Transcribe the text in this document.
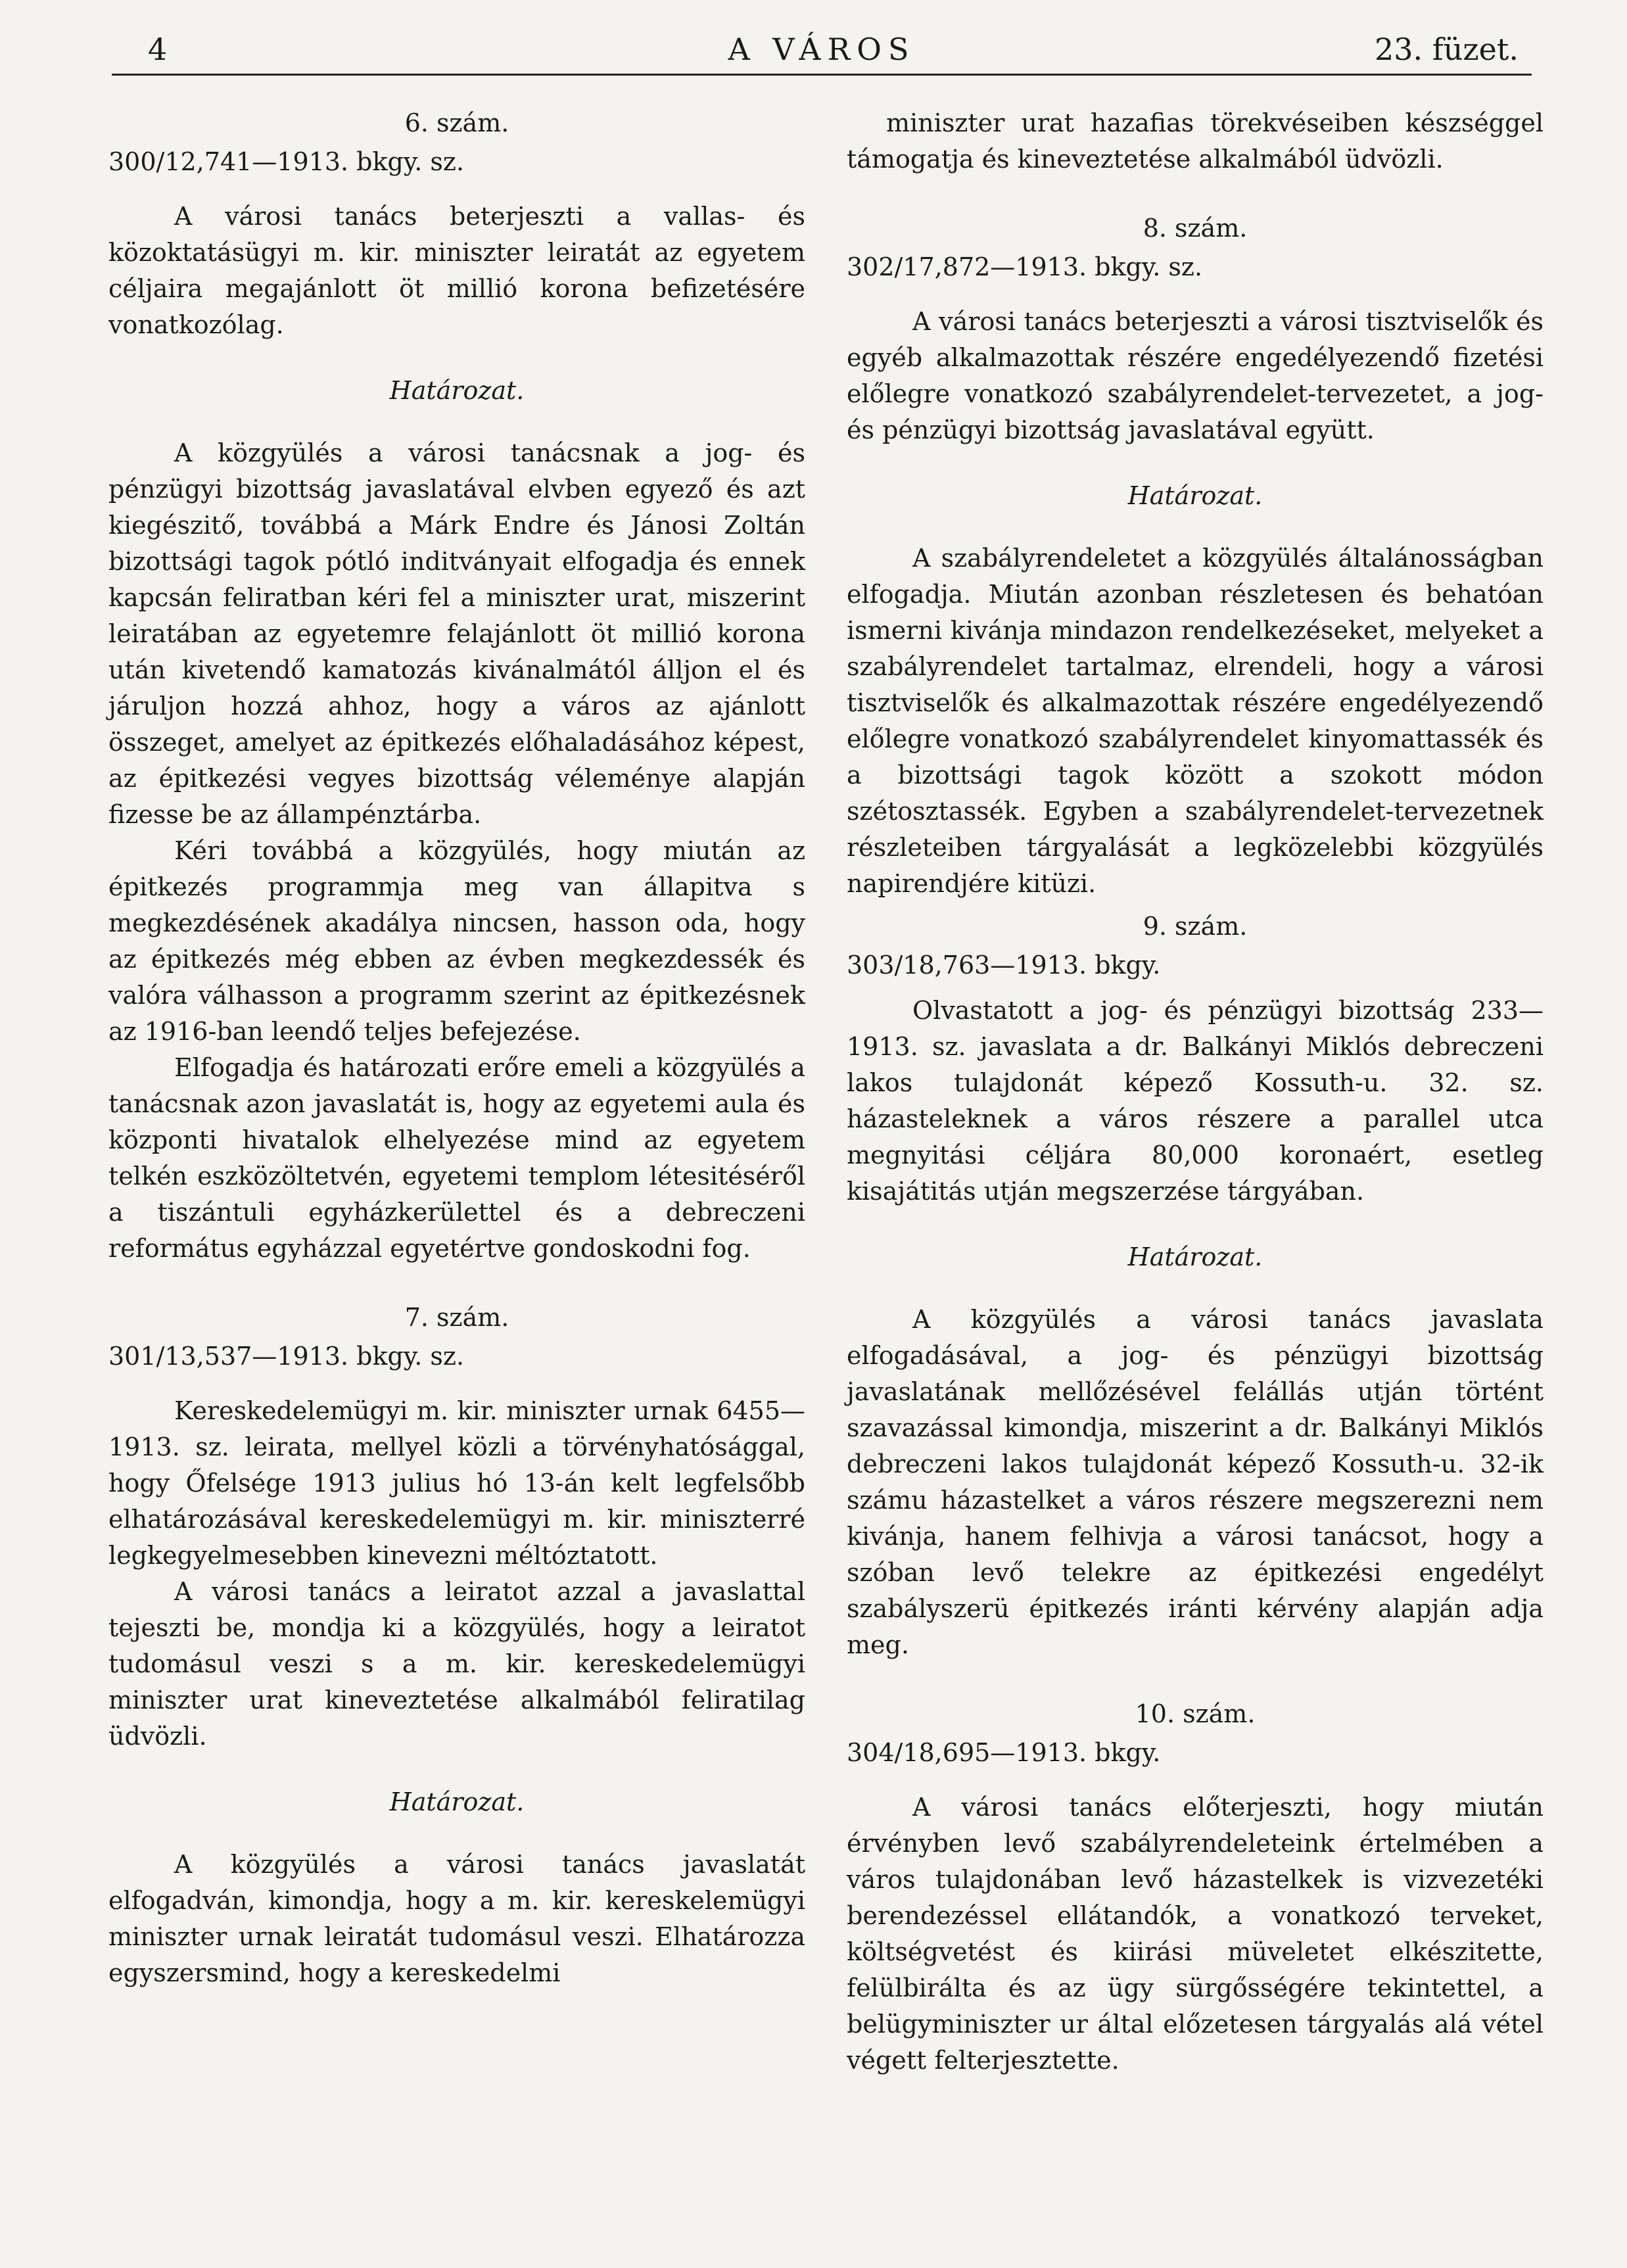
4	A VÁROS	23. füzet.

6. szám.

300/12,741—1913. bkgy. sz.

A városi tanács beterjeszti a vallas- és közoktatásügyi m. kir. miniszter leiratát az egyetem céljaira megajánlott öt millió korona befizetésére vonatkozólag.

Határozat.

A közgyülés a városi tanácsnak a jog- és pénzügyi bizottság javaslatával elvben egyező és azt kiegészitő, továbbá a Márk Endre és Jánosi Zoltán bizottsági tagok pótló inditványait elfogadja és ennek kapcsán feliratban kéri fel a miniszter urat, miszerint leiratában az egyetemre felajánlott öt millió korona után kivetendő kamatozás kivánalmától álljon el és járuljon hozzá ahhoz, hogy a város az ajánlott összeget, amelyet az épitkezés előhaladásához képest, az épitkezési vegyes bizottság véleménye alapján fizesse be az állampénztárba.

Kéri továbbá a közgyülés, hogy miután az épitkezés programmja meg van állapitva s megkezdésének akadálya nincsen, hasson oda, hogy az épitkezés még ebben az évben megkezdessék és valóra válhasson a programm szerint az épitkezésnek az 1916-ban leendő teljes befejezése.

Elfogadja és határozati erőre emeli a közgyülés a tanácsnak azon javaslatát is, hogy az egyetemi aula és központi hivatalok elhelyezése mind az egyetem telkén eszközöltetvén, egyetemi templom létesitéséről a tiszántuli egyházkerülettel és a debreczeni református egyházzal egyetértve gondoskodni fog.

7. szám.

301/13,537—1913. bkgy. sz.

Kereskedelemügyi m. kir. miniszter urnak 6455—1913. sz. leirata, mellyel közli a törvényhatósággal, hogy Őfelsége 1913 julius hó 13-án kelt legfelsőbb elhatározásával kereskedelemügyi m. kir. miniszterré legkegyelmesebben kinevezni méltóztatott.

A városi tanács a leiratot azzal a javaslattal tejeszti be, mondja ki a közgyülés, hogy a leiratot tudomásul veszi s a m. kir. kereskedelemügyi miniszter urat kineveztetése alkalmából feliratilag üdvözli.

Határozat.

A közgyülés a városi tanács javaslatát elfogadván, kimondja, hogy a m. kir. kereskelemügyi miniszter urnak leiratát tudomásul veszi. Elhatározza egyszersmind, hogy a kereskedelmi

miniszter urat hazafias törekvéseiben készséggel támogatja és kineveztetése alkalmából üdvözli.

8. szám.

302/17,872—1913. bkgy. sz.

A városi tanács beterjeszti a városi tisztviselők és egyéb alkalmazottak részére engedélyezendő fizetési előlegre vonatkozó szabályrendelet-tervezetet, a jog- és pénzügyi bizottság javaslatával együtt.

Határozat.

A szabályrendeletet a közgyülés általánosságban elfogadja. Miután azonban részletesen és behatóan ismerni kivánja mindazon rendelkezéseket, melyeket a szabályrendelet tartalmaz, elrendeli, hogy a városi tisztviselők és alkalmazottak részére engedélyezendő előlegre vonatkozó szabályrendelet kinyomattassék és a bizottsági tagok között a szokott módon szétosztassék. Egyben a szabályrendelet-tervezetnek részleteiben tárgyalását a legközelebbi közgyülés napirendjére kitüzi.

9. szám.

303/18,763—1913. bkgy.

Olvastatott a jog- és pénzügyi bizottság 233—1913. sz. javaslata a dr. Balkányi Miklós debreczeni lakos tulajdonát képező Kossuth-u. 32. sz. házasteleknek a város részere a parallel utca megnyitási céljára 80,000 koronaért, esetleg kisajátitás utján megszerzése tárgyában.

Határozat.

A közgyülés a városi tanács javaslata elfogadásával, a jog- és pénzügyi bizottság javaslatának mellőzésével felállás utján történt szavazással kimondja, miszerint a dr. Balkányi Miklós debreczeni lakos tulajdonát képező Kossuth-u. 32-ik számu házastelket a város részere megszerezni nem kivánja, hanem felhivja a városi tanácsot, hogy a szóban levő telekre az épitkezési engedélyt szabályszerü épitkezés iránti kérvény alapján adja meg.

10. szám.

304/18,695—1913. bkgy.

A városi tanács előterjeszti, hogy miután érvényben levő szabályrendeleteink értelmében a város tulajdonában levő házastelkek is vizvezetéki berendezéssel ellátandók, a vonatkozó terveket, költségvetést és kiirási müveletet elkészitette, felülbirálta és az ügy sürgősségére tekintettel, a belügyminiszter ur által előzetesen tárgyalás alá vétel végett felterjesztette.
